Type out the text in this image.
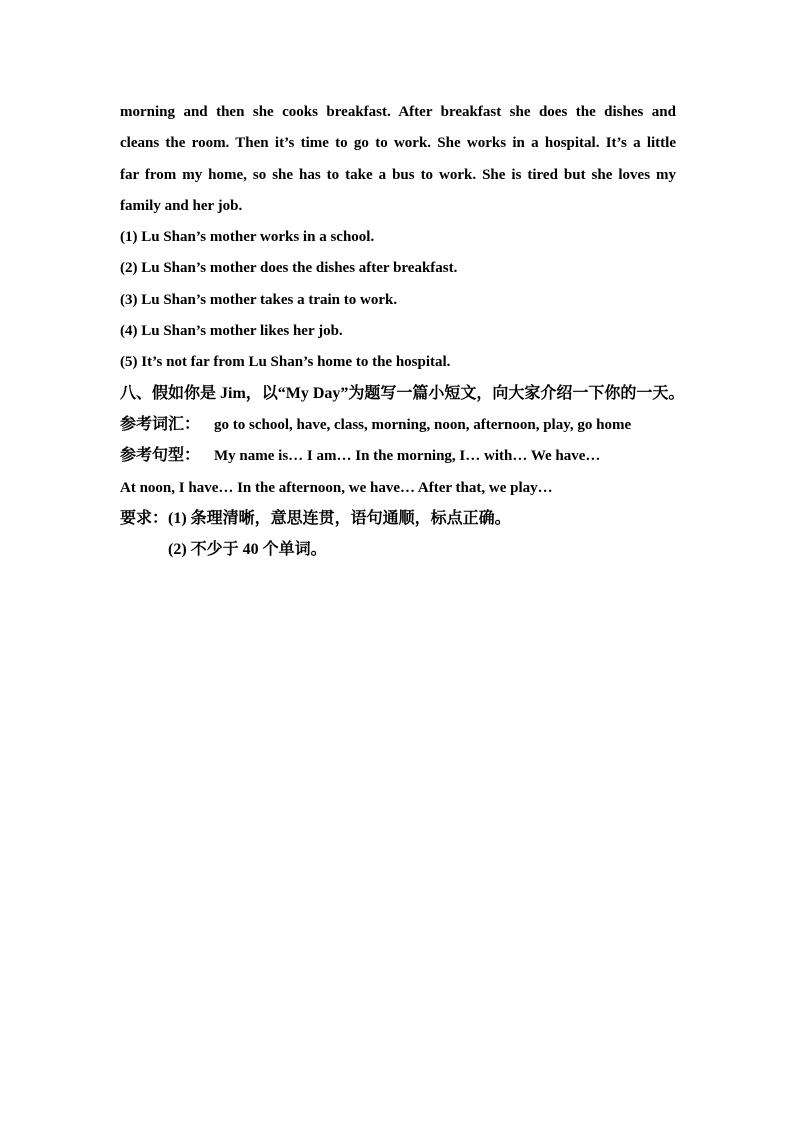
morning and then she cooks breakfast. After breakfast she does the dishes and
cleans the room. Then it’s time to go to work. She works in a hospital. It’s a little
far from my home, so she has to take a bus to work. She is tired but she loves my
family and her job.
(1) Lu Shan’s mother works in a school.
(2) Lu Shan’s mother does the dishes after breakfast.
(3) Lu Shan’s mother takes a train to work.
(4) Lu Shan’s mother likes her job.
(5) It’s not far from Lu Shan’s home to the hospital.
八、假如你是 Jim，以“My Day”为题写一篇小短文，向大家介绍一下你的一天。
参考词汇： go to school, have, class, morning, noon, afternoon, play, go home
参考句型： My name is… I am… In the morning, I… with… We have…
At noon, I have… In the afternoon, we have… After that, we play…
要求：(1) 条理清晰，意思连贯，语句通顺，标点正确。
(2) 不少于 40 个单词。
